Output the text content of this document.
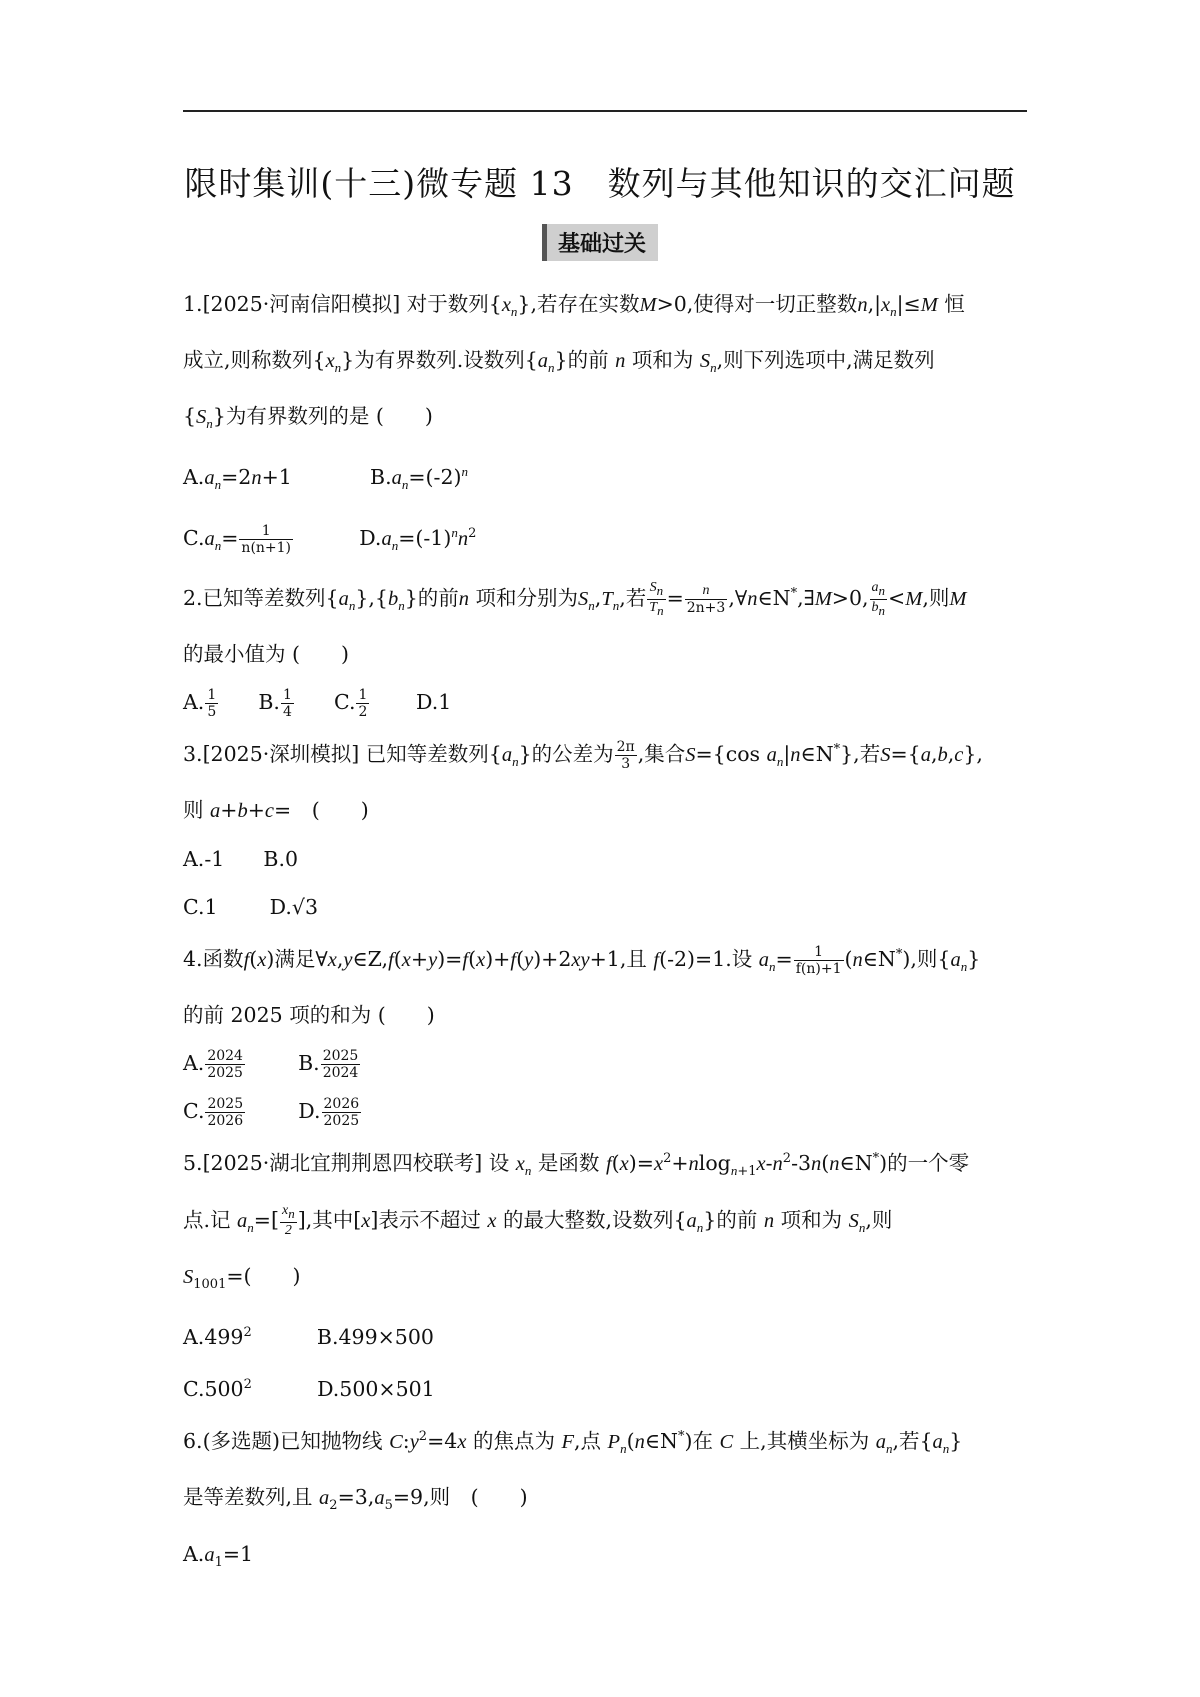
限时集训(十三)微专题 13　数列与其他知识的交汇问题
基础过关

1.[2025·河南信阳模拟] 对于数列$\{x_n\}$,若存在实数M>0,使得对一切正整数$n,|x_n|\le M$ 恒

成立,则称数列$\{x_n\}$为有界数列.设数列$\{a_n\}$的前 n 项和为 $S_n$,则下列选项中,满足数列

$\{S_n\}$为有界数列的是 (　　)

$A.a_n=2n+1$	$B.a_n=(-2)^n$

$C.a_n= \frac{1}{n(n+1)}$	$D.a_n=(-1)^nn^2$

2.已知等差数列$\{a_n\},\{b_n\}$的前n 项和分别为$S_n,T_n$,若 $\frac{S_n}{T_n} = \frac{n}{2n+3}$ ,∀n∈N*,∃M>0, $\frac{a_n}{b_n} <M$,则M

的最小值为 (　　)

A. $\frac{1}{5} B$. $\frac{1}{4} C$. $\frac{1}{2} D.1$

3.[2025·深圳模拟] 已知等差数列$\{a_n\}$的公差为 $\frac{2\pi}{3}$ ,集合S={cos $a_n|n\in N^*$},若S={a,b,c},

则 a+b+c=　(　　)

A.-1 B.0

C.1	D.√3

4.函数f(x)满足∀x,y∈Z,f(x+y)=f(x)+f(y)+2xy+1,且 f(-2)=1.设 $a_n= \frac{1}{f(n)+1}$ (n∈N*),则$\{a_n\}$

的前 2025 项的和为 (　　)

A. $\frac{2024}{2025}$	B. $\frac{2025}{2024}$

C. $\frac{2025}{2026}$	D. $\frac{2026}{2025}$

5.[2025·湖北宜荆荆恩四校联考] 设 $x_n$ 是函数 $f(x)=x^2+nlog_{n+1}x-n^2-3n(n\in N^*)$的一个零

点.记 $a_n=[ \frac{x_n}{2}$ ],其中[x]表示不超过 x 的最大整数,设数列$\{a_n\}$的前 n 项和为 $S_n$,则

$S_{1001}=$(　　)

A.499$^2$	B.499×500

C.500$^2$	D.500×501

6.(多选题)已知抛物线 $C:y^2=4x$ 的焦点为 F,点 $P_n(n\in N^*)$在 C 上,其横坐标为 $a_n$,若$\{a_n\}$

是等差数列,且 $a_2=3,a_5=9$,则　(　　)

$A.a_1=1$
